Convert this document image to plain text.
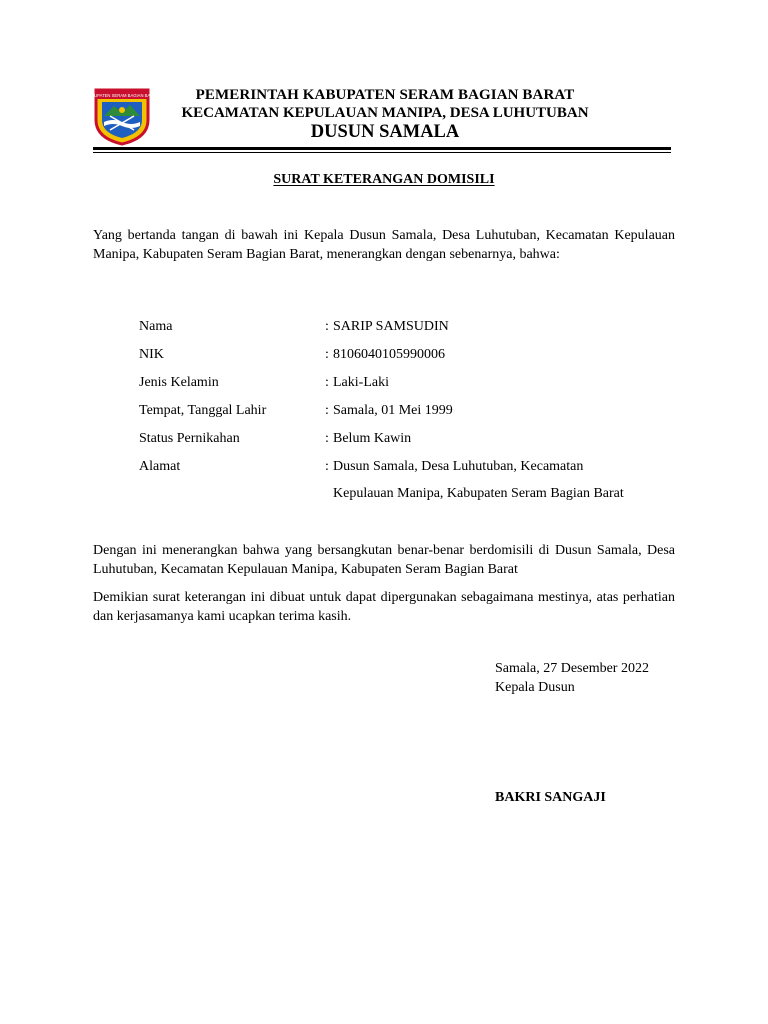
KABUPATEN SERAM BAGIAN BARAT	PEMERINTAH KABUPATEN SERAM BAGIAN BARAT
KECAMATAN KEPULAUAN MANIPA, DESA LUHUTUBAN
DUSUN SAMALA
SURAT KETERANGAN DOMISILI
Yang bertanda tangan di bawah ini Kepala Dusun Samala, Desa Luhutuban, Kecamatan Kepulauan Manipa, Kabupaten Seram Bagian Barat, menerangkan dengan sebenarnya, bahwa:
Nama	: SARIP SAMSUDIN
NIK	: 8106040105990006
Jenis Kelamin	: Laki-Laki
Tempat, Tanggal Lahir	: Samala, 01 Mei 1999
Status Pernikahan	: Belum Kawin
Alamat	: Dusun Samala, Desa Luhutuban, Kecamatan
Kepulauan Manipa, Kabupaten Seram Bagian Barat
Dengan ini menerangkan bahwa yang bersangkutan benar-benar berdomisili di Dusun Samala, Desa Luhutuban, Kecamatan Kepulauan Manipa, Kabupaten Seram Bagian Barat
Demikian surat keterangan ini dibuat untuk dapat dipergunakan sebagaimana mestinya, atas perhatian dan kerjasamanya kami ucapkan terima kasih.
Samala, 27 Desember 2022
Kepala Dusun
BAKRI SANGAJI
